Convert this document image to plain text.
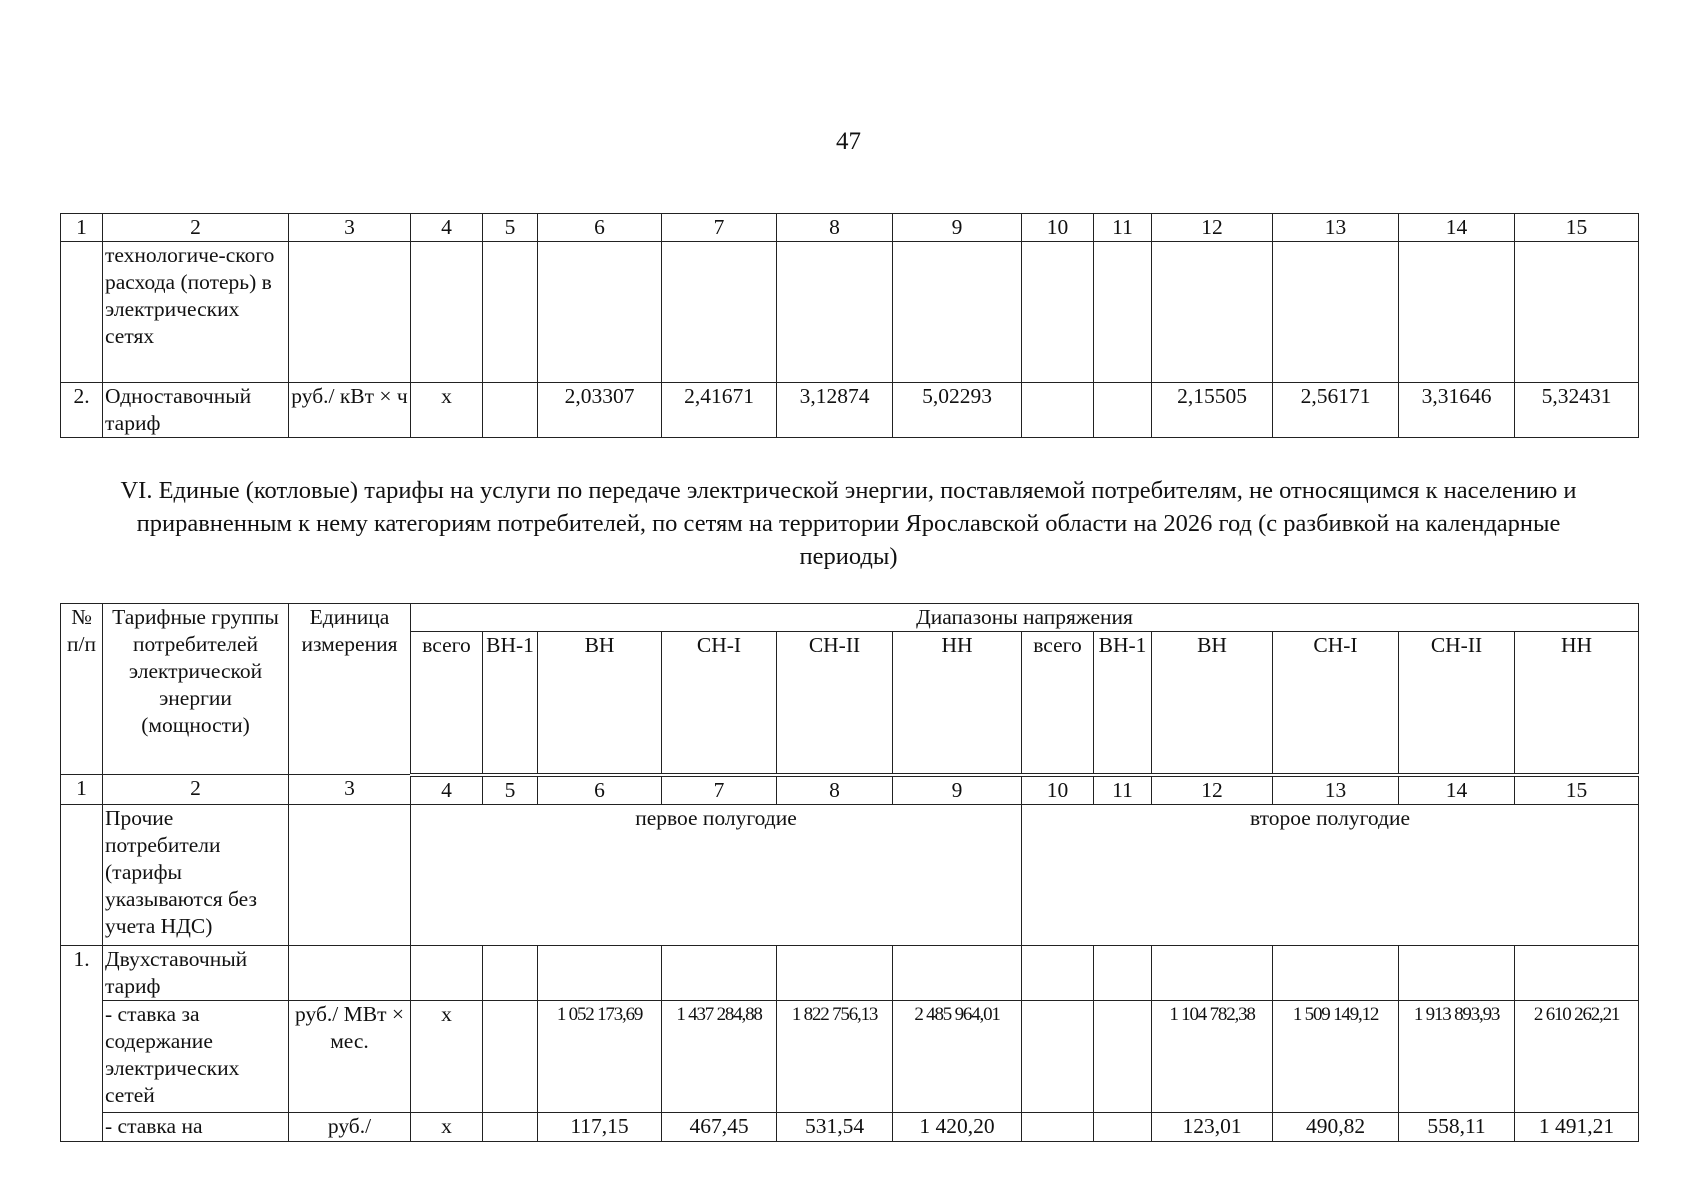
47
1	2	3	4	5	6	7	8	9	10	11	12	13	14	15
	технологиче-ского расхода (потерь) в электрических сетях													
2.	Одноставочный тариф	руб./ кВт × ч	х		2,03307	2,41671	3,12874	5,02293			2,15505	2,56171	3,31646	5,32431
VI. Единые (котловые) тарифы на услуги по передаче электрической энергии, поставляемой потребителям, не относящимся к населению и приравненным к нему категориям потребителей, по сетям на территории Ярославской области на 2026 год (с разбивкой на календарные периоды)
№ п/п	Тарифные группы потребителей электрической энергии (мощности)	Единица измерения	Диапазоны напряжения											
			всего	ВН-1	ВН	СН-I	СН-II	НН	всего	ВН-1	ВН	СН-I	СН-II	НН
1	2	3	4	5	6	7	8	9	10	11	12	13	14	15
	Прочие потребители (тарифы указываются без учета НДС)		первое полугодие						второе полугодие					
1.	Двухставочный тариф													
	- ставка за содержание электрических сетей	руб./ МВт × мес.	х		1 052 173,69	1 437 284,88	1 822 756,13	2 485 964,01			1 104 782,38	1 509 149,12	1 913 893,93	2 610 262,21
	- ставка на	руб./	х		117,15	467,45	531,54	1 420,20			123,01	490,82	558,11	1 491,21
